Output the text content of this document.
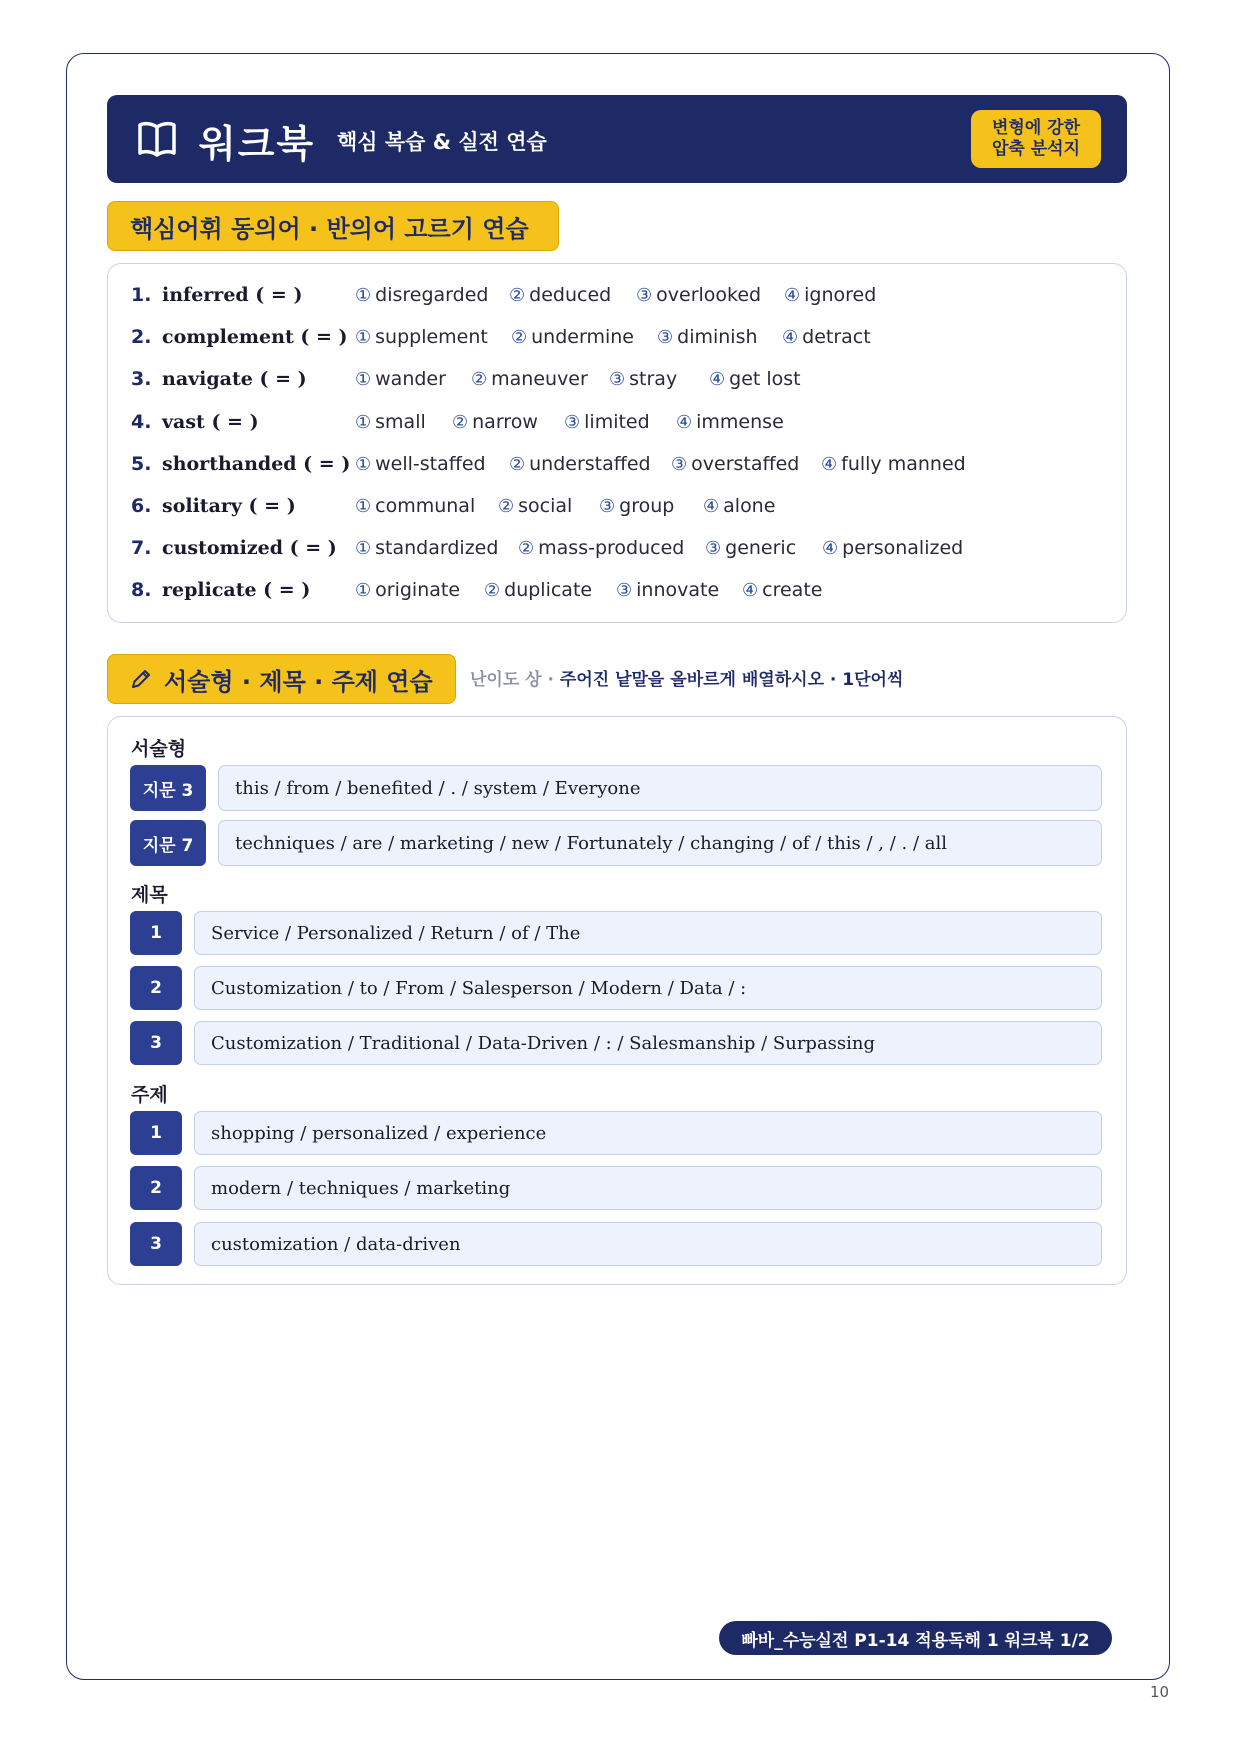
워크북 핵심 복습 & 실전 연습
변형에 강한
압축 분석지
핵심어휘 동의어 · 반의어 고르기 연습
1. inferred ( = )	① disregarded	② deduced	③ overlooked	④ ignored
2. complement ( = ) ① supplement	② undermine	③ diminish	④ detract
3. navigate ( = )	① wander	② maneuver	③ stray	④ get lost
4. vast ( = )	① small	② narrow	③ limited	④ immense
5. shorthanded ( = ) ① well-staffed	② understaffed	③ overstaffed	④ fully manned
6. solitary ( = )	① communal	② social	③ group	④ alone
7. customized ( = )	① standardized	② mass-produced	③ generic	④ personalized
8. replicate ( = )	① originate	② duplicate	③ innovate	④ create
서술형 · 제목 · 주제 연습 난이도 상 · 주어진 낱말을 올바르게 배열하시오 · 1단어씩
서술형
지문 3	this / from / benefited / . / system / Everyone
지문 7	techniques / are / marketing / new / Fortunately / changing / of / this / , / . / all
제목
1	Service / Personalized / Return / of / The
2	Customization / to / From / Salesperson / Modern / Data / :
3	Customization / Traditional / Data-Driven / : / Salesmanship / Surpassing
주제
1	shopping / personalized / experience
2	modern / techniques / marketing
3	customization / data-driven
빠바_수능실전 P1-14 적용독해 1 워크북 1/2
10
